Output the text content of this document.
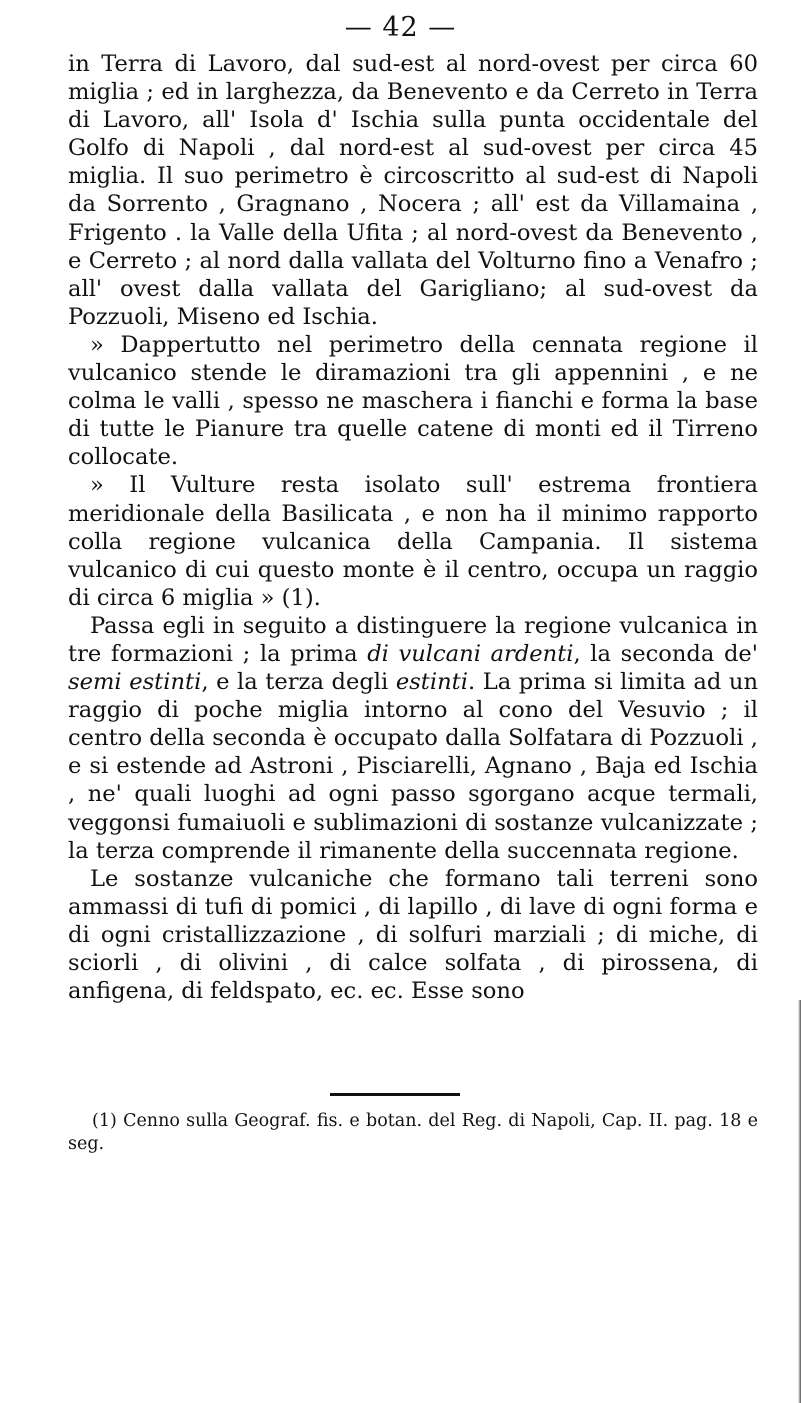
— 42 —

in Terra di Lavoro, dal sud-est al nord-ovest per circa 60 miglia ; ed in larghezza, da Benevento e da Cerreto in Terra di Lavoro, all' Isola d' Ischia sulla punta occidentale del Golfo di Napoli , dal nord-est al sud-ovest per circa 45 miglia. Il suo perimetro è circoscritto al sud-est di Napoli da Sorrento , Gragnano , Nocera ; all' est da Villamaina , Frigento . la Valle della Ufita ; al nord-ovest da Benevento , e Cerreto ; al nord dalla vallata del Volturno fino a Venafro ; all' ovest dalla vallata del Garigliano; al sud-ovest da Pozzuoli, Miseno ed Ischia.

» Dappertutto nel perimetro della cennata regione il vulcanico stende le diramazioni tra gli appennini , e ne colma le valli , spesso ne maschera i fianchi e forma la base di tutte le Pianure tra quelle catene di monti ed il Tirreno collocate.

» Il Vulture resta isolato sull' estrema frontiera meridionale della Basilicata , e non ha il minimo rapporto colla regione vulcanica della Campania. Il sistema vulcanico di cui questo monte è il centro, occupa un raggio di circa 6 miglia » (1).

Passa egli in seguito a distinguere la regione vulcanica in tre formazioni ; la prima di vulcani ardenti, la seconda de' semi estinti, e la terza degli estinti. La prima si limita ad un raggio di poche miglia intorno al cono del Vesuvio ; il centro della seconda è occupato dalla Solfatara di Pozzuoli , e si estende ad Astroni , Pisciarelli, Agnano , Baja ed Ischia , ne' quali luoghi ad ogni passo sgorgano acque termali, veggonsi fumaiuoli e sublimazioni di sostanze vulcanizzate ; la terza comprende il rimanente della succennata regione.

Le sostanze vulcaniche che formano tali terreni sono ammassi di tufi di pomici , di lapillo , di lave di ogni forma e di ogni cristallizzazione , di solfuri marziali ; di miche, di sciorli , di olivini , di calce solfata , di pirossena, di anfigena, di feldspato, ec. ec. Esse sono

(1) Cenno sulla Geograf. fis. e botan. del Reg. di Napoli, Cap. II. pag. 18 e seg.
